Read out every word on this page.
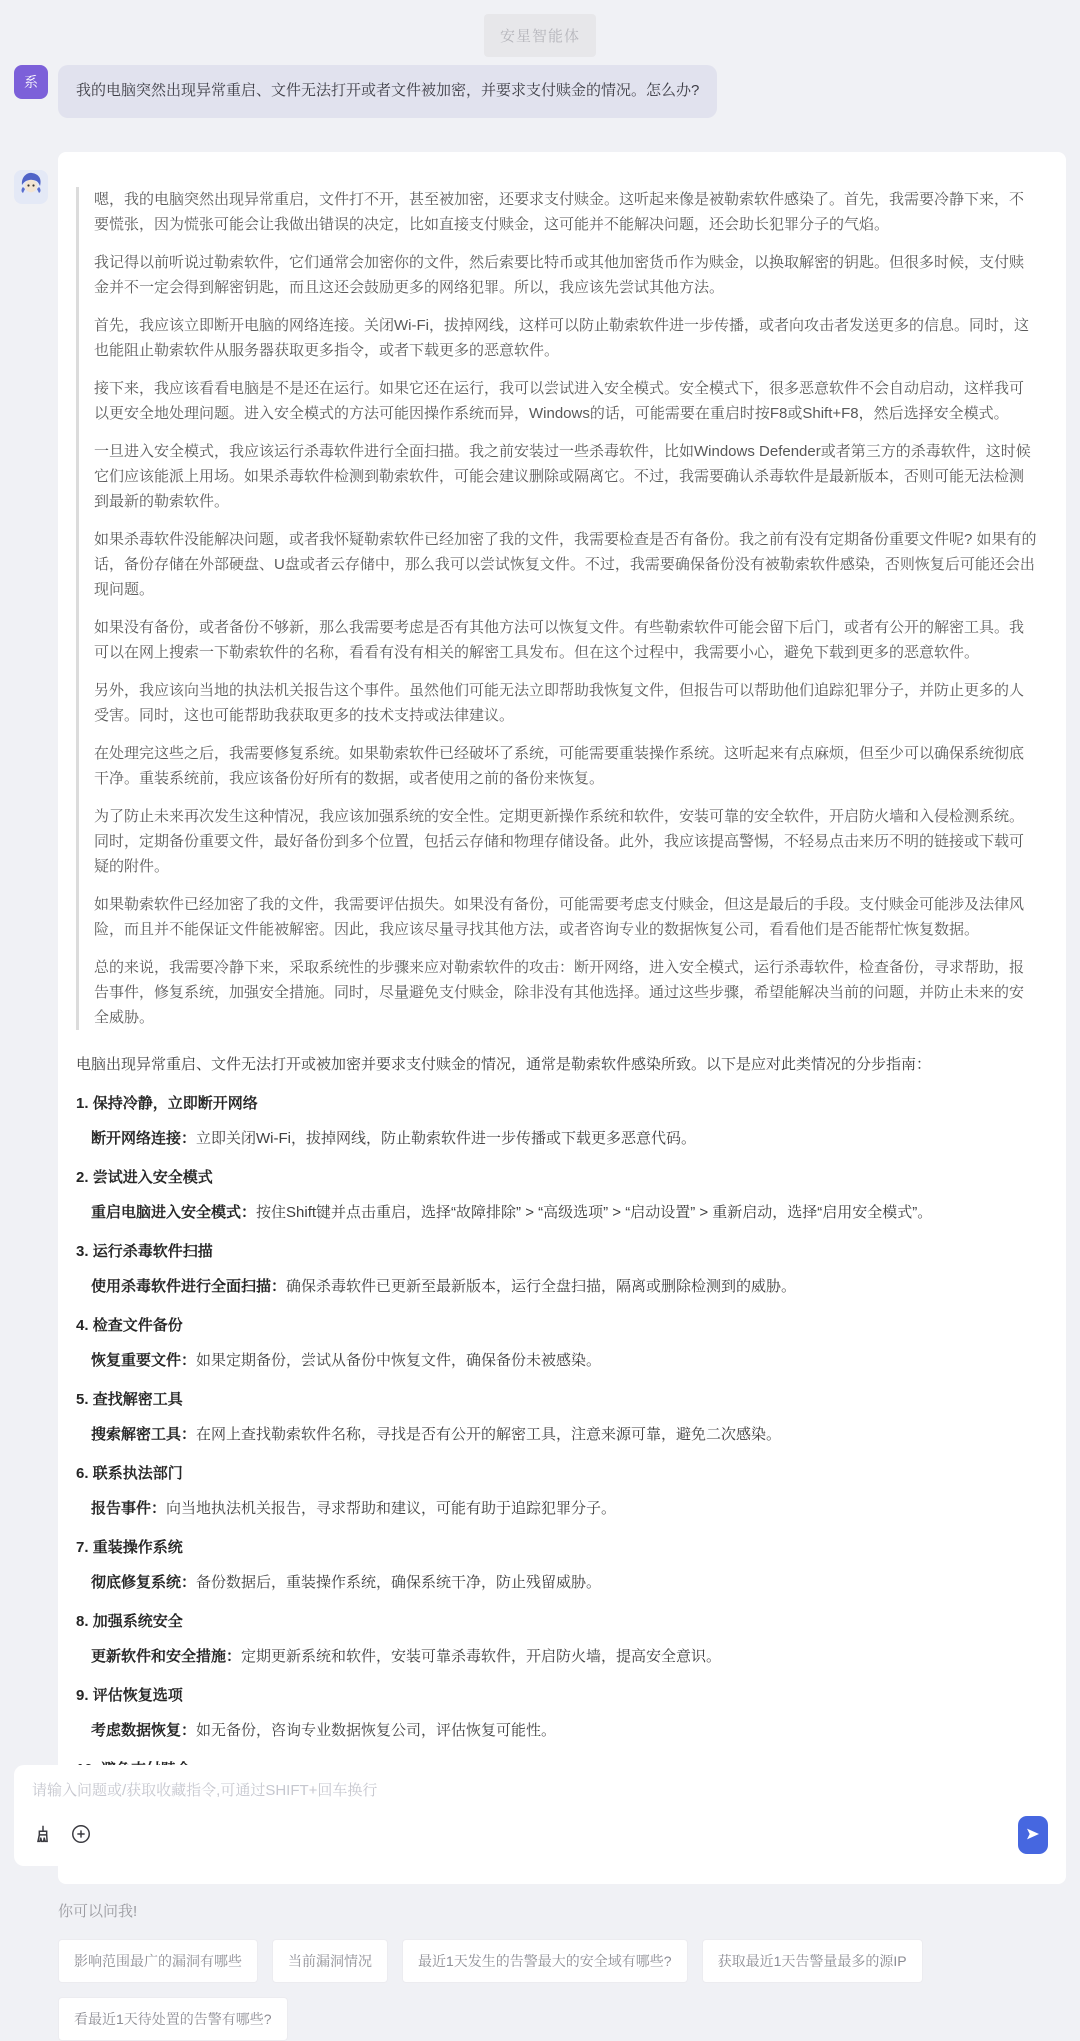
安星智能体
系	我的电脑突然出现异常重启、文件无法打开或者文件被加密，并要求支付赎金的情况。怎么办?

嗯，我的电脑突然出现异常重启，文件打不开，甚至被加密，还要求支付赎金。这听起来像是被勒索软件感染了。首先，我需要冷静下来，不要慌张，因为慌张可能会让我做出错误的决定，比如直接支付赎金，这可能并不能解决问题，还会助长犯罪分子的气焰。

我记得以前听说过勒索软件，它们通常会加密你的文件，然后索要比特币或其他加密货币作为赎金，以换取解密的钥匙。但很多时候，支付赎金并不一定会得到解密钥匙，而且这还会鼓励更多的网络犯罪。所以，我应该先尝试其他方法。

首先，我应该立即断开电脑的网络连接。关闭Wi-Fi，拔掉网线，这样可以防止勒索软件进一步传播，或者向攻击者发送更多的信息。同时，这也能阻止勒索软件从服务器获取更多指令，或者下载更多的恶意软件。

接下来，我应该看看电脑是不是还在运行。如果它还在运行，我可以尝试进入安全模式。安全模式下，很多恶意软件不会自动启动，这样我可以更安全地处理问题。进入安全模式的方法可能因操作系统而异，Windows的话，可能需要在重启时按F8或Shift+F8，然后选择安全模式。

一旦进入安全模式，我应该运行杀毒软件进行全面扫描。我之前安装过一些杀毒软件，比如Windows Defender或者第三方的杀毒软件，这时候它们应该能派上用场。如果杀毒软件检测到勒索软件，可能会建议删除或隔离它。不过，我需要确认杀毒软件是最新版本，否则可能无法检测到最新的勒索软件。

如果杀毒软件没能解决问题，或者我怀疑勒索软件已经加密了我的文件，我需要检查是否有备份。我之前有没有定期备份重要文件呢? 如果有的话，备份存储在外部硬盘、U盘或者云存储中，那么我可以尝试恢复文件。不过，我需要确保备份没有被勒索软件感染，否则恢复后可能还会出现问题。

如果没有备份，或者备份不够新，那么我需要考虑是否有其他方法可以恢复文件。有些勒索软件可能会留下后门，或者有公开的解密工具。我可以在网上搜索一下勒索软件的名称，看看有没有相关的解密工具发布。但在这个过程中，我需要小心，避免下载到更多的恶意软件。

另外，我应该向当地的执法机关报告这个事件。虽然他们可能无法立即帮助我恢复文件，但报告可以帮助他们追踪犯罪分子，并防止更多的人受害。同时，这也可能帮助我获取更多的技术支持或法律建议。

在处理完这些之后，我需要修复系统。如果勒索软件已经破坏了系统，可能需要重装操作系统。这听起来有点麻烦，但至少可以确保系统彻底干净。重装系统前，我应该备份好所有的数据，或者使用之前的备份来恢复。

为了防止未来再次发生这种情况，我应该加强系统的安全性。定期更新操作系统和软件，安装可靠的安全软件，开启防火墙和入侵检测系统。同时，定期备份重要文件，最好备份到多个位置，包括云存储和物理存储设备。此外，我应该提高警惕，不轻易点击来历不明的链接或下载可疑的附件。

如果勒索软件已经加密了我的文件，我需要评估损失。如果没有备份，可能需要考虑支付赎金，但这是最后的手段。支付赎金可能涉及法律风险，而且并不能保证文件能被解密。因此，我应该尽量寻找其他方法，或者咨询专业的数据恢复公司，看看他们是否能帮忙恢复数据。

总的来说，我需要冷静下来，采取系统性的步骤来应对勒索软件的攻击：断开网络，进入安全模式，运行杀毒软件，检查备份，寻求帮助，报告事件，修复系统，加强安全措施。同时，尽量避免支付赎金，除非没有其他选择。通过这些步骤，希望能解决当前的问题，并防止未来的安全威胁。

电脑出现异常重启、文件无法打开或被加密并要求支付赎金的情况，通常是勒索软件感染所致。以下是应对此类情况的分步指南：

1. 保持冷静，立即断开网络
断开网络连接：立即关闭Wi-Fi，拔掉网线，防止勒索软件进一步传播或下载更多恶意代码。
2. 尝试进入安全模式
重启电脑进入安全模式：按住Shift键并点击重启，选择“故障排除” > “高级选项” > “启动设置” > 重新启动，选择“启用安全模式”。
3. 运行杀毒软件扫描
使用杀毒软件进行全面扫描：确保杀毒软件已更新至最新版本，运行全盘扫描，隔离或删除检测到的威胁。
4. 检查文件备份
恢复重要文件：如果定期备份，尝试从备份中恢复文件，确保备份未被感染。
5. 查找解密工具
搜索解密工具：在网上查找勒索软件名称，寻找是否有公开的解密工具，注意来源可靠，避免二次感染。
6. 联系执法部门
报告事件：向当地执法机关报告，寻求帮助和建议，可能有助于追踪犯罪分子。
7. 重装操作系统
彻底修复系统：备份数据后，重装操作系统，确保系统干净，防止残留威胁。
8. 加强系统安全
更新软件和安全措施：定期更新系统和软件，安装可靠杀毒软件，开启防火墙，提高安全意识。
9. 评估恢复选项
考虑数据恢复：如无备份，咨询专业数据恢复公司，评估恢复可能性。

你可以问我!
影响范围最广的漏洞有哪些	当前漏洞情况	最近1天发生的告警最大的安全域有哪些?	获取最近1天告警量最多的源IP
看最近1天待处置的告警有哪些?
请输入问题或/获取收藏指令,可通过SHIFT+回车换行
